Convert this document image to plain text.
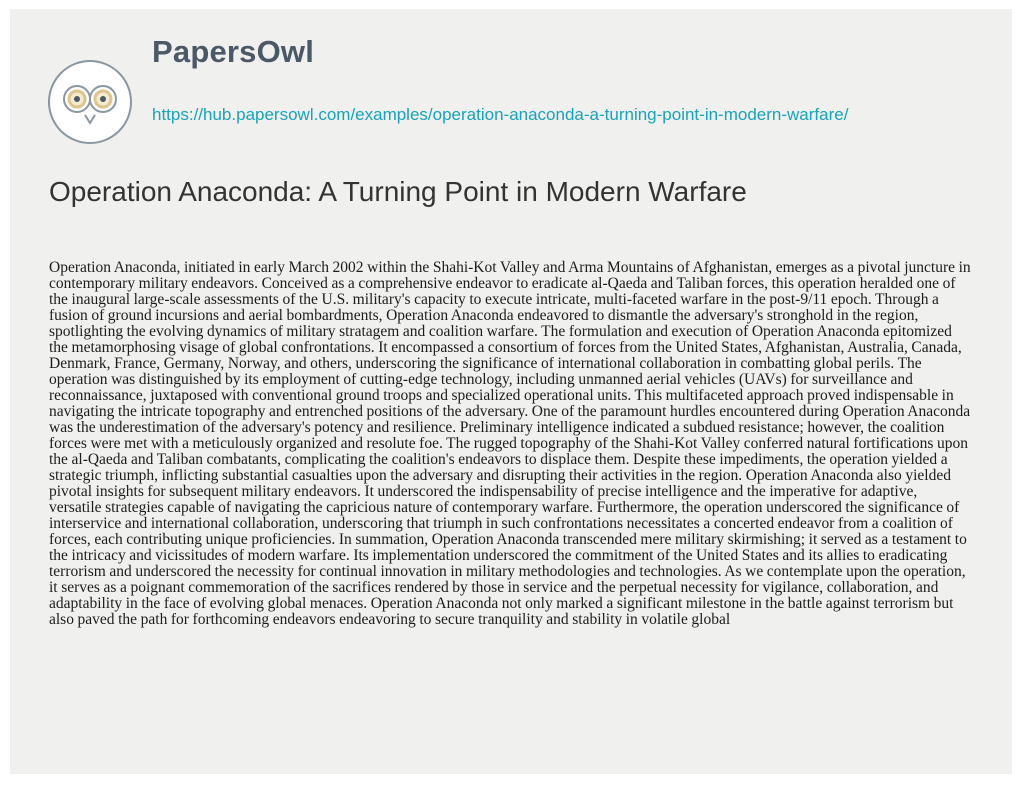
PapersOwl
https://hub.papersowl.com/examples/operation-anaconda-a-turning-point-in-modern-warfare/
Operation Anaconda: A Turning Point in Modern Warfare

Operation Anaconda, initiated in early March 2002 within the Shahi-Kot Valley and Arma Mountains of Afghanistan, emerges as a pivotal juncture in contemporary military endeavors. Conceived as a comprehensive endeavor to eradicate al-Qaeda and Taliban forces, this operation heralded one of the inaugural large-scale assessments of the U.S. military's capacity to execute intricate, multi-faceted warfare in the post-9/11 epoch. Through a fusion of ground incursions and aerial bombardments, Operation Anaconda endeavored to dismantle the adversary's stronghold in the region, spotlighting the evolving dynamics of military stratagem and coalition warfare. The formulation and execution of Operation Anaconda epitomized the metamorphosing visage of global confrontations. It encompassed a consortium of forces from the United States, Afghanistan, Australia, Canada, Denmark, France, Germany, Norway, and others, underscoring the significance of international collaboration in combatting global perils. The operation was distinguished by its employment of cutting-edge technology, including unmanned aerial vehicles (UAVs) for surveillance and reconnaissance, juxtaposed with conventional ground troops and specialized operational units. This multifaceted approach proved indispensable in navigating the intricate topography and entrenched positions of the adversary. One of the paramount hurdles encountered during Operation Anaconda was the underestimation of the adversary's potency and resilience. Preliminary intelligence indicated a subdued resistance; however, the coalition forces were met with a meticulously organized and resolute foe. The rugged topography of the Shahi-Kot Valley conferred natural fortifications upon the al-Qaeda and Taliban combatants, complicating the coalition's endeavors to displace them. Despite these impediments, the operation yielded a strategic triumph, inflicting substantial casualties upon the adversary and disrupting their activities in the region. Operation Anaconda also yielded pivotal insights for subsequent military endeavors. It underscored the indispensability of precise intelligence and the imperative for adaptive, versatile strategies capable of navigating the capricious nature of contemporary warfare. Furthermore, the operation underscored the significance of interservice and international collaboration, underscoring that triumph in such confrontations necessitates a concerted endeavor from a coalition of forces, each contributing unique proficiencies. In summation, Operation Anaconda transcended mere military skirmishing; it served as a testament to the intricacy and vicissitudes of modern warfare. Its implementation underscored the commitment of the United States and its allies to eradicating terrorism and underscored the necessity for continual innovation in military methodologies and technologies. As we contemplate upon the operation, it serves as a poignant commemoration of the sacrifices rendered by those in service and the perpetual necessity for vigilance, collaboration, and adaptability in the face of evolving global menaces. Operation Anaconda not only marked a significant milestone in the battle against terrorism but also paved the path for forthcoming endeavors endeavoring to secure tranquility and stability in volatile global
